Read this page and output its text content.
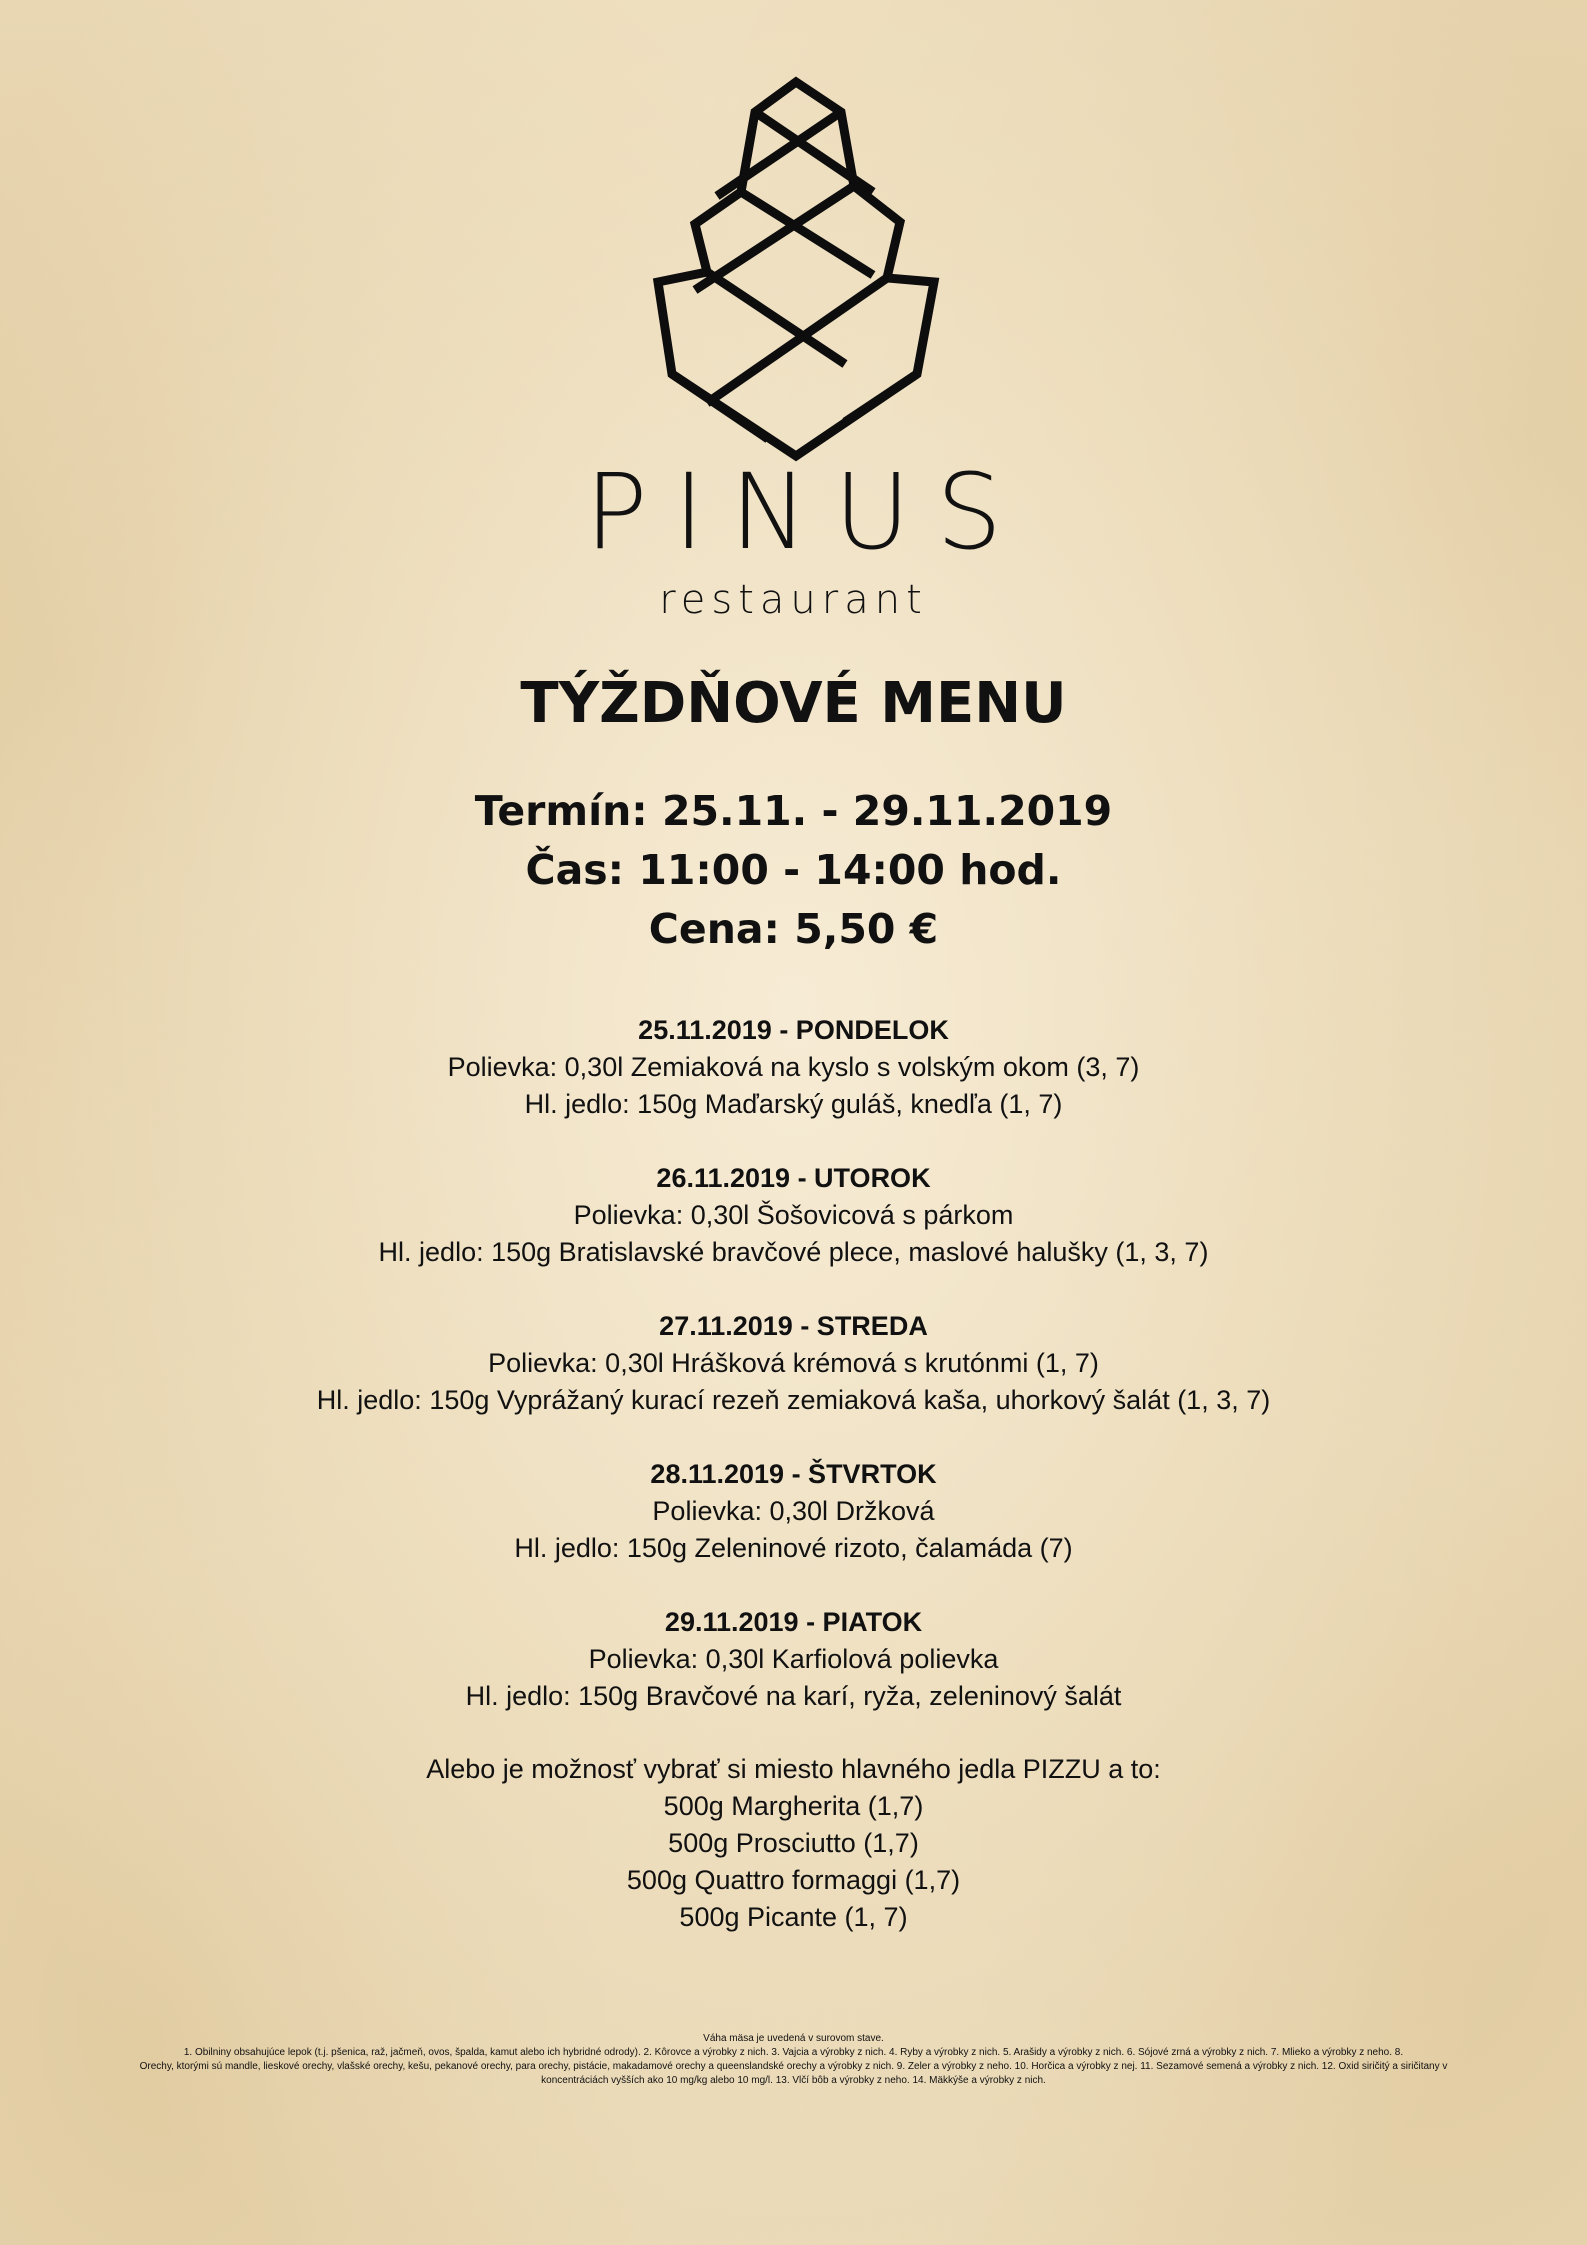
PINUS
restaurant
TÝŽDŇOVÉ MENU
Termín: 25.11. - 29.11.2019
Čas: 11:00 - 14:00 hod.
Cena: 5,50 €
25.11.2019 - PONDELOK
Polievka: 0,30l Zemiaková na kyslo s volským okom (3, 7)
Hl. jedlo: 150g Maďarský guláš, knedľa (1, 7)
26.11.2019 - UTOROK
Polievka: 0,30l Šošovicová s párkom
Hl. jedlo: 150g Bratislavské bravčové plece, maslové halušky (1, 3, 7)
27.11.2019 - STREDA
Polievka: 0,30l Hrášková krémová s krutónmi (1, 7)
Hl. jedlo: 150g Vyprážaný kurací rezeň zemiaková kaša, uhorkový šalát (1, 3, 7)
28.11.2019 - ŠTVRTOK
Polievka: 0,30l Držková
Hl. jedlo: 150g Zeleninové rizoto, čalamáda (7)
29.11.2019 - PIATOK
Polievka: 0,30l Karfiolová polievka
Hl. jedlo: 150g Bravčové na karí, ryža, zeleninový šalát
Alebo je možnosť vybrať si miesto hlavného jedla PIZZU a to:
500g Margherita (1,7)
500g Prosciutto (1,7)
500g Quattro formaggi (1,7)
500g Picante (1, 7)
Váha mäsa je uvedená v surovom stave.
1. Obilniny obsahujúce lepok (t.j. pšenica, raž, jačmeň, ovos, špalda, kamut alebo ich hybridné odrody). 2. Kôrovce a výrobky z nich. 3. Vajcia a výrobky z nich. 4. Ryby a výrobky z nich. 5. Arašidy a výrobky z nich. 6. Sójové zrná a výrobky z nich. 7. Mlieko a výrobky z neho. 8.
Orechy, ktorými sú mandle, lieskové orechy, vlašské orechy, kešu, pekanové orechy, para orechy, pistácie, makadamové orechy a queenslandské orechy a výrobky z nich. 9. Zeler a výrobky z neho. 10. Horčica a výrobky z nej. 11. Sezamové semená a výrobky z nich. 12. Oxid siričitý a siričitany v
koncentráciách vyšších ako 10 mg/kg alebo 10 mg/l. 13. Vlčí bôb a výrobky z neho. 14. Mäkkýše a výrobky z nich.
